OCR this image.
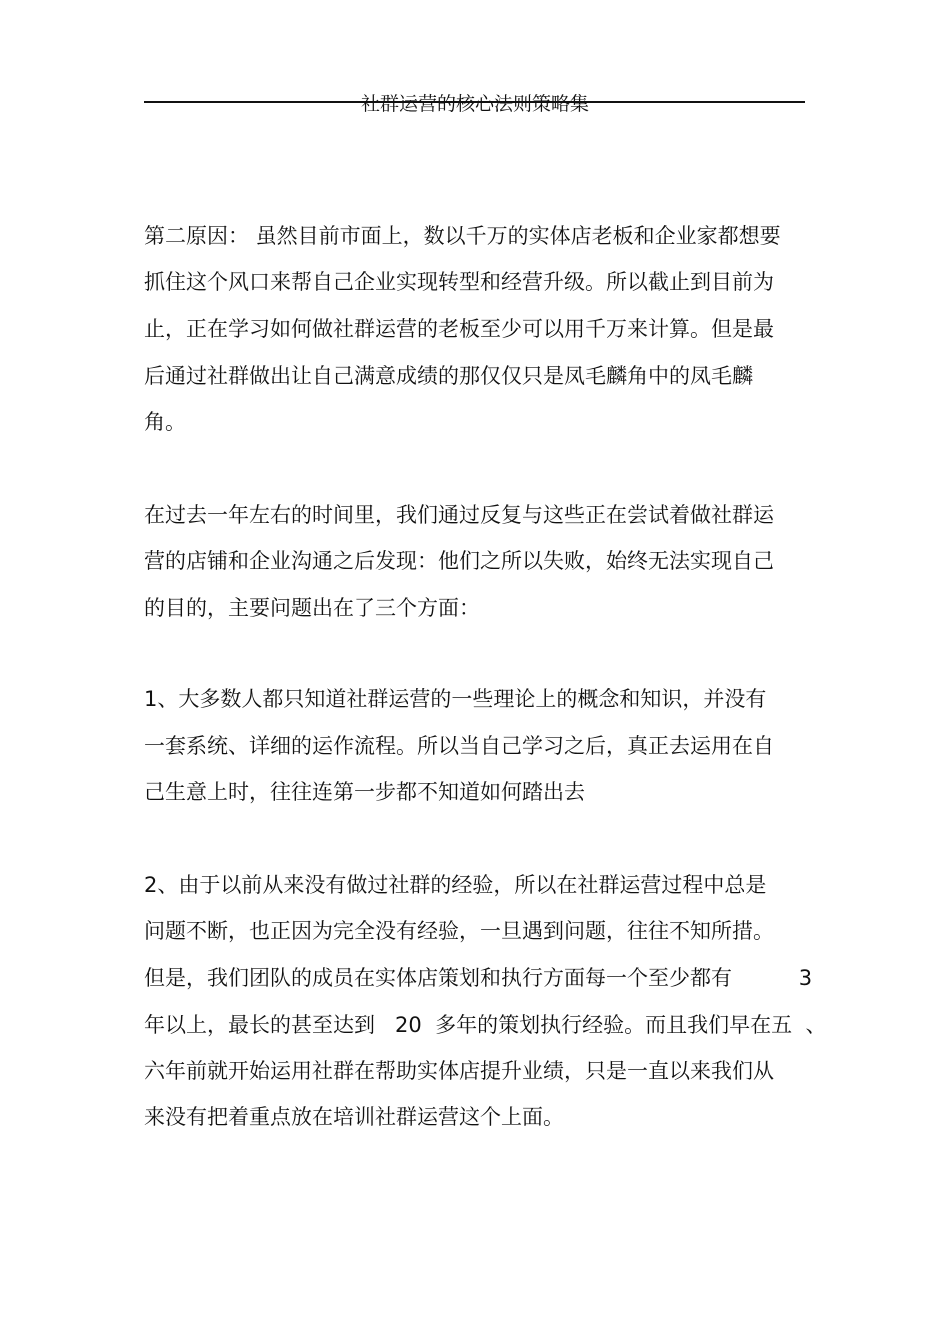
社群运营的核心法则策略集
第二原因： 虽然目前市面上，数以千万的实体店老板和企业家都想要
抓住这个风口来帮自己企业实现转型和经营升级。所以截止到目前为
止，正在学习如何做社群运营的老板至少可以用千万来计算。但是最
后通过社群做出让自己满意成绩的那仅仅只是凤毛麟角中的凤毛麟
角。
在过去一年左右的时间里，我们通过反复与这些正在尝试着做社群运
营的店铺和企业沟通之后发现：他们之所以失败，始终无法实现自己
的目的，主要问题出在了三个方面：
1、大多数人都只知道社群运营的一些理论上的概念和知识，并没有
一套系统、详细的运作流程。所以当自己学习之后，真正去运用在自
己生意上时，往往连第一步都不知道如何踏出去
2、由于以前从来没有做过社群的经验，所以在社群运营过程中总是
问题不断，也正因为完全没有经验，一旦遇到问题，往往不知所措。
但是，我们团队的成员在实体店策划和执行方面每一个至少都有          3
年以上，最长的甚至达到   20  多年的策划执行经验。而且我们早在五  、
六年前就开始运用社群在帮助实体店提升业绩，只是一直以来我们从
来没有把着重点放在培训社群运营这个上面。
